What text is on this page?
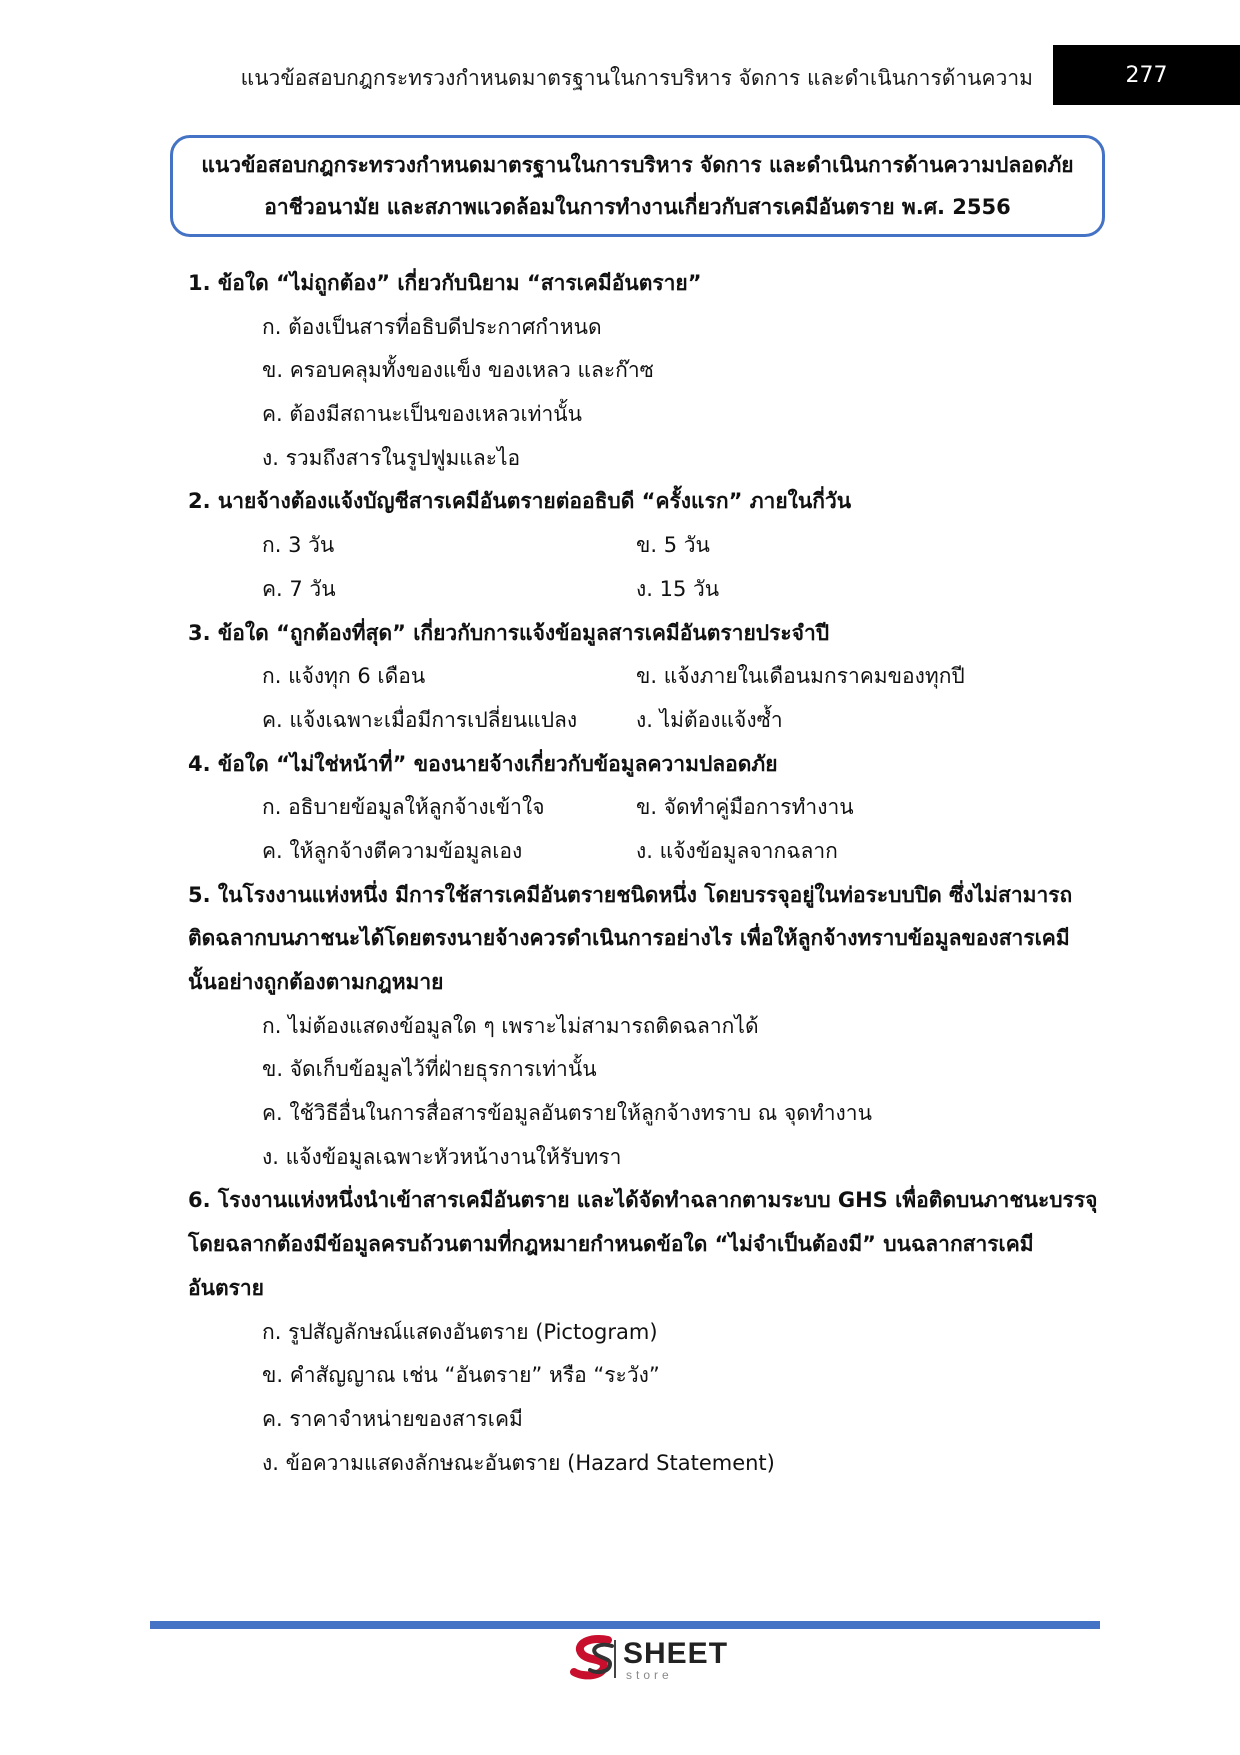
แนวข้อสอบกฎกระทรวงกำหนดมาตรฐานในการบริหาร จัดการ และดำเนินการด้านความ	277
แนวข้อสอบกฎกระทรวงกำหนดมาตรฐานในการบริหาร จัดการ และดำเนินการด้านความปลอดภัย
อาชีวอนามัย และสภาพแวดล้อมในการทำงานเกี่ยวกับสารเคมีอันตราย พ.ศ. 2556
1. ข้อใด “ไม่ถูกต้อง” เกี่ยวกับนิยาม “สารเคมีอันตราย”
ก. ต้องเป็นสารที่อธิบดีประกาศกำหนด
ข. ครอบคลุมทั้งของแข็ง ของเหลว และก๊าซ
ค. ต้องมีสถานะเป็นของเหลวเท่านั้น
ง. รวมถึงสารในรูปฟูมและไอ
2. นายจ้างต้องแจ้งบัญชีสารเคมีอันตรายต่ออธิบดี “ครั้งแรก” ภายในกี่วัน
ก. 3 วัน	ข. 5 วัน
ค. 7 วัน	ง. 15 วัน
3. ข้อใด “ถูกต้องที่สุด” เกี่ยวกับการแจ้งข้อมูลสารเคมีอันตรายประจำปี
ก. แจ้งทุก 6 เดือน	ข. แจ้งภายในเดือนมกราคมของทุกปี
ค. แจ้งเฉพาะเมื่อมีการเปลี่ยนแปลง	ง. ไม่ต้องแจ้งซ้ำ
4. ข้อใด “ไม่ใช่หน้าที่” ของนายจ้างเกี่ยวกับข้อมูลความปลอดภัย
ก. อธิบายข้อมูลให้ลูกจ้างเข้าใจ	ข. จัดทำคู่มือการทำงาน
ค. ให้ลูกจ้างตีความข้อมูลเอง	ง. แจ้งข้อมูลจากฉลาก
5. ในโรงงานแห่งหนึ่ง มีการใช้สารเคมีอันตรายชนิดหนึ่ง โดยบรรจุอยู่ในท่อระบบปิด ซึ่งไม่สามารถ
ติดฉลากบนภาชนะได้โดยตรงนายจ้างควรดำเนินการอย่างไร เพื่อให้ลูกจ้างทราบข้อมูลของสารเคมี
นั้นอย่างถูกต้องตามกฎหมาย
ก. ไม่ต้องแสดงข้อมูลใด ๆ เพราะไม่สามารถติดฉลากได้
ข. จัดเก็บข้อมูลไว้ที่ฝ่ายธุรการเท่านั้น
ค. ใช้วิธีอื่นในการสื่อสารข้อมูลอันตรายให้ลูกจ้างทราบ ณ จุดทำงาน
ง. แจ้งข้อมูลเฉพาะหัวหน้างานให้รับทรา
6. โรงงานแห่งหนึ่งนำเข้าสารเคมีอันตราย และได้จัดทำฉลากตามระบบ GHS เพื่อติดบนภาชนะบรรจุ
โดยฉลากต้องมีข้อมูลครบถ้วนตามที่กฎหมายกำหนดข้อใด “ไม่จำเป็นต้องมี” บนฉลากสารเคมี
อันตราย
ก. รูปสัญลักษณ์แสดงอันตราย (Pictogram)
ข. คำสัญญาณ เช่น “อันตราย” หรือ “ระวัง”
ค. ราคาจำหน่ายของสารเคมี
ง. ข้อความแสดงลักษณะอันตราย (Hazard Statement)
SHEET
store
